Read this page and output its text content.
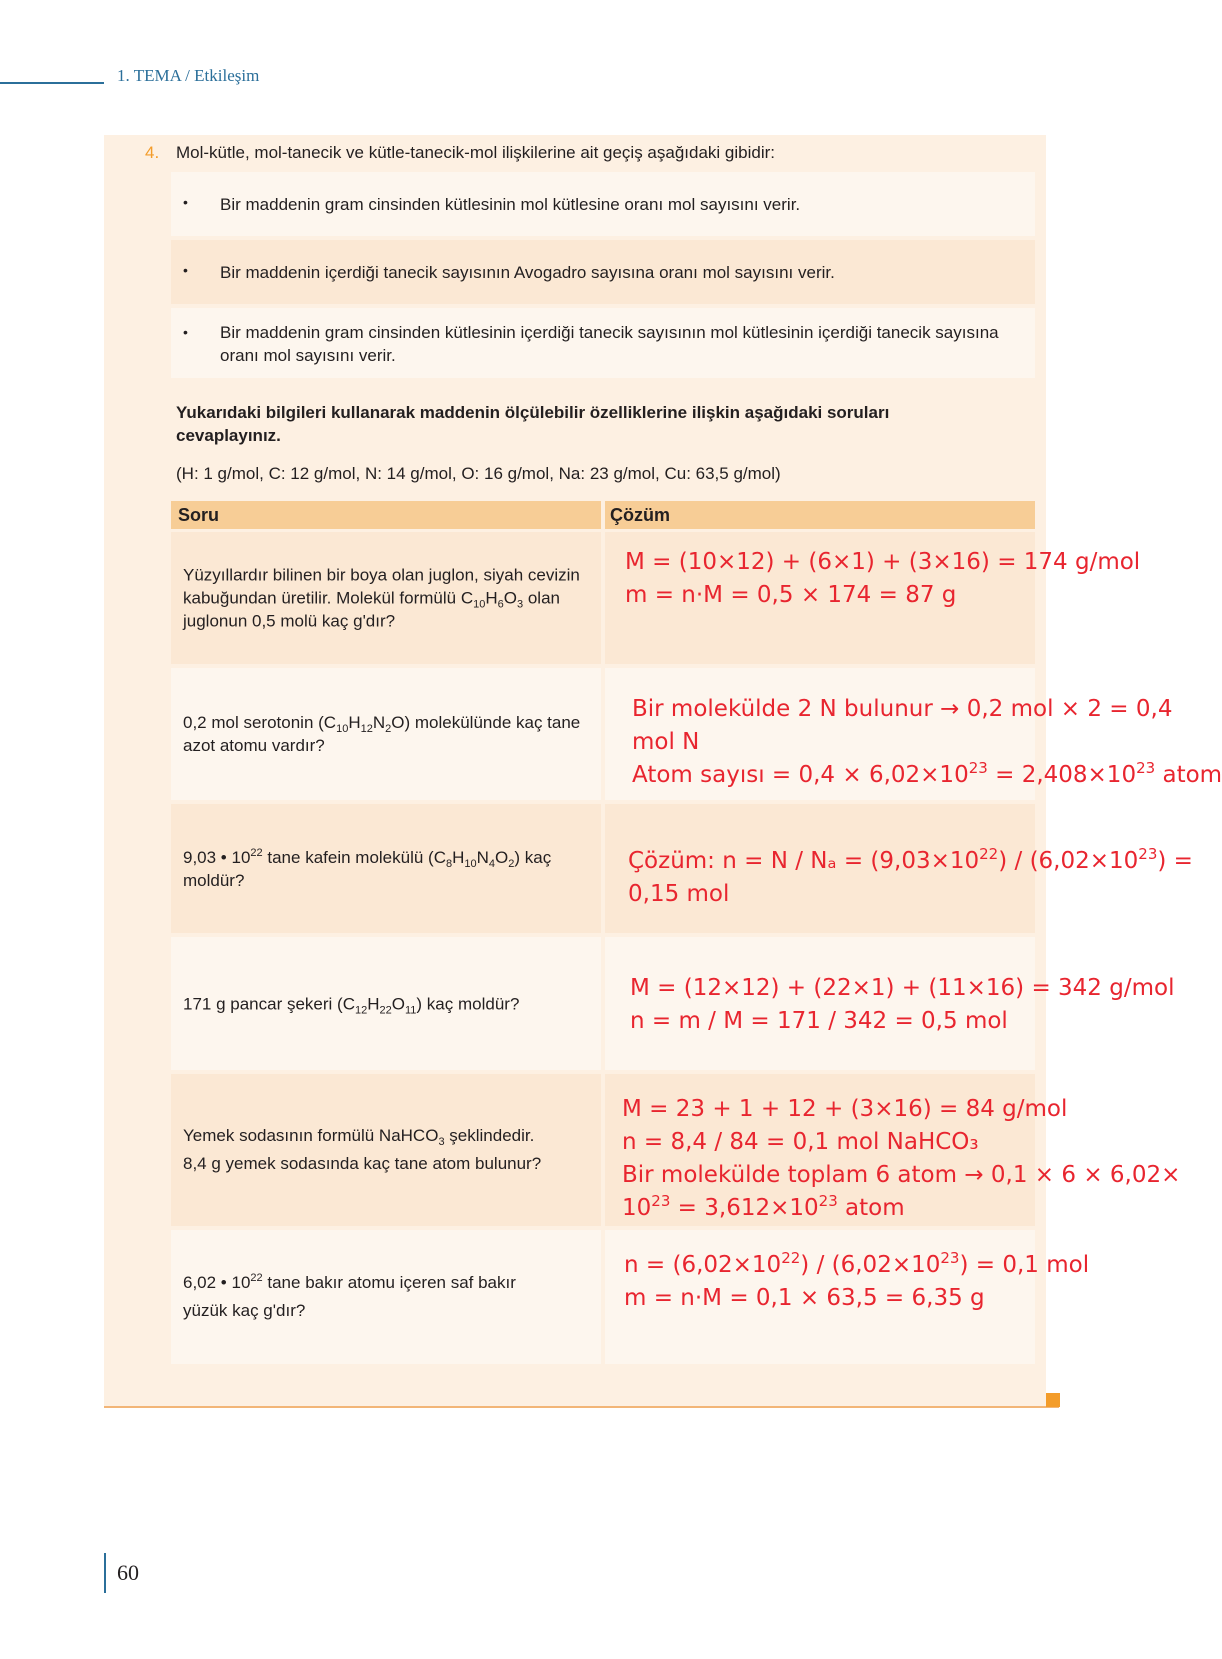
1. TEMA / Etkileşim
4. Mol-kütle, mol-tanecik ve kütle-tanecik-mol ilişkilerine ait geçiş aşağıdaki gibidir:
• Bir maddenin gram cinsinden kütlesinin mol kütlesine oranı mol sayısını verir.
• Bir maddenin içerdiği tanecik sayısının Avogadro sayısına oranı mol sayısını verir.
• Bir maddenin gram cinsinden kütlesinin içerdiği tanecik sayısının mol kütlesinin içerdiği tanecik sayısına oranı mol sayısını verir.
Yukarıdaki bilgileri kullanarak maddenin ölçülebilir özelliklerine ilişkin aşağıdaki soruları cevaplayınız.
(H: 1 g/mol, C: 12 g/mol, N: 14 g/mol, O: 16 g/mol, Na: 23 g/mol, Cu: 63,5 g/mol)
Soru	Çözüm
Yüzyıllardır bilinen bir boya olan juglon, siyah cevizin kabuğundan üretilir. Molekül formülü $C_{10}H_6O_3$ olan juglonun 0,5 molü kaç g'dır?
M = (10×12) + (6×1) + (3×16) = 174 g/mol
m = n·M = 0,5 × 174 = 87 g
0,2 mol serotonin $(C_{10}H_{12}N_2O)$ molekülünde kaç tane azot atomu vardır?
Bir molekülde 2 N bulunur → 0,2 mol × 2 = 0,4
mol N
Atom sayısı = $0,4 \times 6,02\times 10^{23} = 2,408\times 10^{23}$ atom
9,03 • $10^{22}$ tane kafein molekülü $(C_8H_{10}N_4O_2)$ kaç moldür?
Çözüm: $n = N / N_a = (9,03\times 10^{22}) / (6,02\times 10^{23})$ =
0,15 mol
171 g pancar şekeri $(C_{12}H_{22}O_{11})$ kaç moldür?
M = (12×12) + (22×1) + (11×16) = 342 g/mol
n = m / M = 171 / 342 = 0,5 mol
Yemek sodasının formülü NaHCO$_3$ şeklindedir.
8,4 g yemek sodasında kaç tane atom bulunur?
M = 23 + 1 + 12 + (3×16) = 84 g/mol
n = 8,4 / 84 = 0,1 mol NaHCO₃
Bir molekülde toplam 6 atom → 0,1 × 6 × 6,02×
$10^{23} = 3,612\times 10^{23}$ atom
6,02 • $10^{22}$ tane bakır atomu içeren saf bakır
yüzük kaç g'dır?
$n = (6,02\times 10^{22}) / (6,02\times 10^{23}) = 0,1$ mol
m = n·M = 0,1 × 63,5 = 6,35 g
60
